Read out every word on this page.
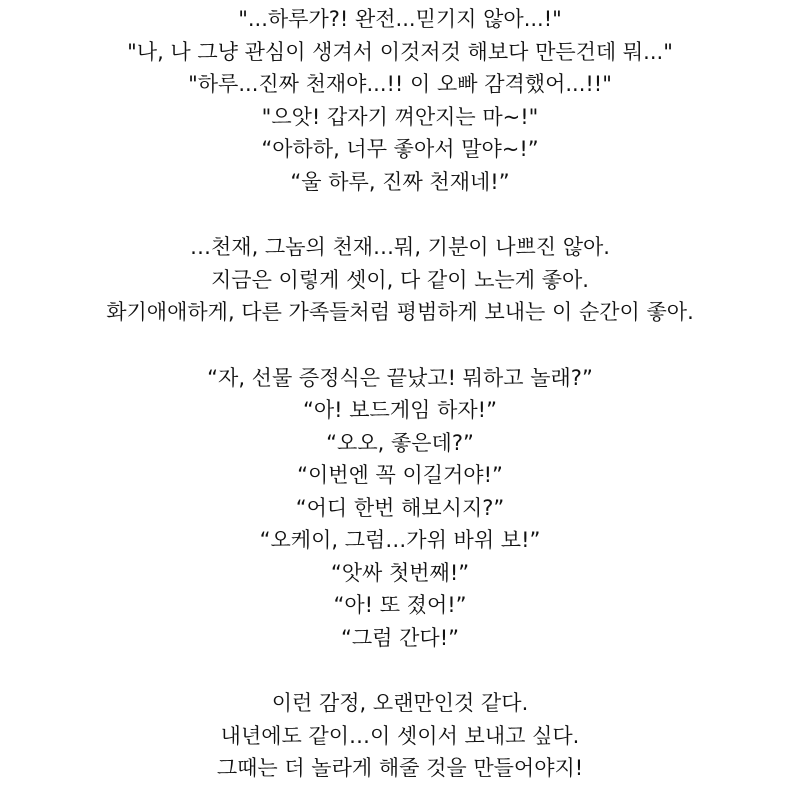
"...하루가?! 완전...믿기지 않아...!"
"나, 나 그냥 관심이 생겨서 이것저것 해보다 만든건데 뭐..."
"하루...진짜 천재야...!! 이 오빠 감격했어...!!"
"으앗! 갑자기 껴안지는 마~!"
“아하하, 너무 좋아서 말야~!”
“울 하루, 진짜 천재네!”

…천재, 그놈의 천재…뭐, 기분이 나쁘진 않아.
지금은 이렇게 셋이, 다 같이 노는게 좋아.
화기애애하게, 다른 가족들처럼 평범하게 보내는 이 순간이 좋아.

“자, 선물 증정식은 끝났고! 뭐하고 놀래?”
“아! 보드게임 하자!”
“오오, 좋은데?”
“이번엔 꼭 이길거야!”
“어디 한번 해보시지?”
“오케이, 그럼…가위 바위 보!”
“앗싸 첫번째!”
“아! 또 졌어!”
“그럼 간다!”

이런 감정, 오랜만인것 같다.
내년에도 같이…이 셋이서 보내고 싶다.
그때는 더 놀라게 해줄 것을 만들어야지!
